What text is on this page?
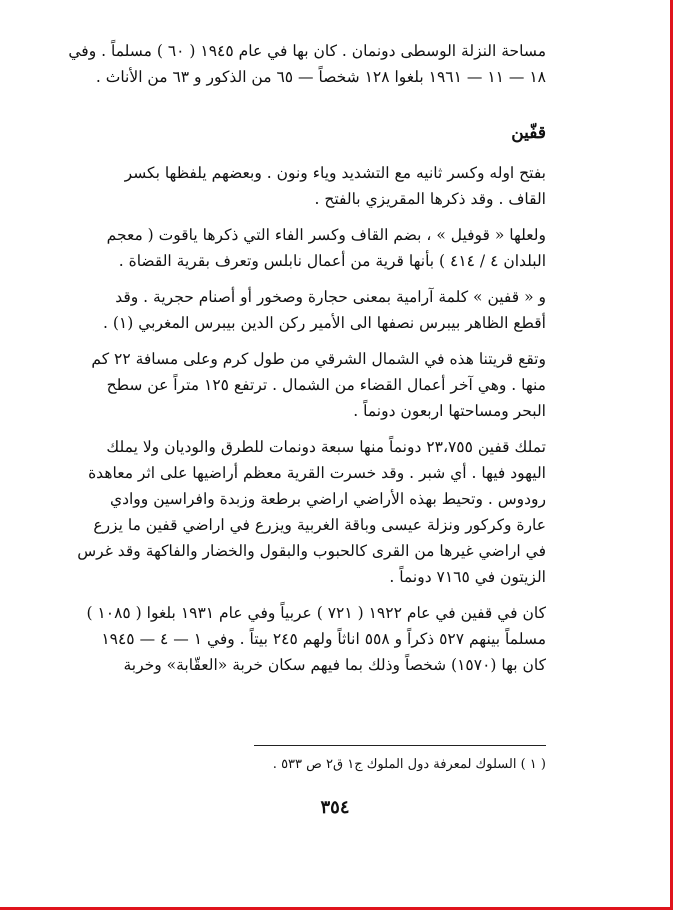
مساحة النزلة الوسطى دونمان . كان بها في عام ١٩٤٥ ( ٦٠ ) مسلماً . وفي
١٨ — ١١ — ١٩٦١ بلغوا ١٢٨ شخصاً — ٦٥ من الذكور و ٦٣ من الأناث .
قفّين
بفتح اوله وكسر ثانيه مع التشديد وياء ونون . وبعضهم يلفظها بكسر
القاف . وقد ذكرها المقريزي بالفتح .
ولعلها « قوفيل » ، بضم القاف وكسر الفاء التي ذكرها ياقوت ( معجم
البلدان ٤ / ٤١٤ ) بأنها قرية من أعمال نابلس وتعرف بقرية القضاة .
و « قفين » كلمة آرامية بمعنى حجارة وصخور أو أصنام حجرية . وقد
أقطع الظاهر بيبرس نصفها الى الأمير ركن الدين بيبرس المغربي (١) .
وتقع قريتنا هذه في الشمال الشرقي من طول كرم وعلى مسافة ٢٢ كم
منها . وهي آخر أعمال القضاء من الشمال . ترتفع ١٢٥ متراً عن سطح
البحر ومساحتها اربعون دونماً .
تملك قفين ٢٣،٧٥٥ دونماً منها سبعة دونمات للطرق والوديان ولا يملك
اليهود فيها . أي شبر . وقد خسرت القرية معظم أراضيها على اثر معاهدة
رودوس . وتحيط بهذه الأراضي اراضي برطعة وزبدة وافراسين ووادي
عارة وكركور ونزلة عيسى وباقة الغربية ويزرع في اراضي قفين ما يزرع
في اراضي غيرها من القرى كالحبوب والبقول والخضار والفاكهة وقد غرس
الزيتون في ٧١٦٥ دونماً .
كان في قفين في عام ١٩٢٢ ( ٧٢١ ) عربياً وفي عام ١٩٣١ بلغوا ( ١٠٨٥ )
مسلماً بينهم ٥٢٧ ذكراً و ٥٥٨ اناثاً ولهم ٢٤٥ بيتاً . وفي ١ — ٤ — ١٩٤٥
كان بها (١٥٧٠) شخصاً وذلك بما فيهم سكان خربة «العقّابة» وخربة
( ١ ) السلوك لمعرفة دول الملوك ج١ ق٢ ص ٥٣٣ .
٣٥٤
